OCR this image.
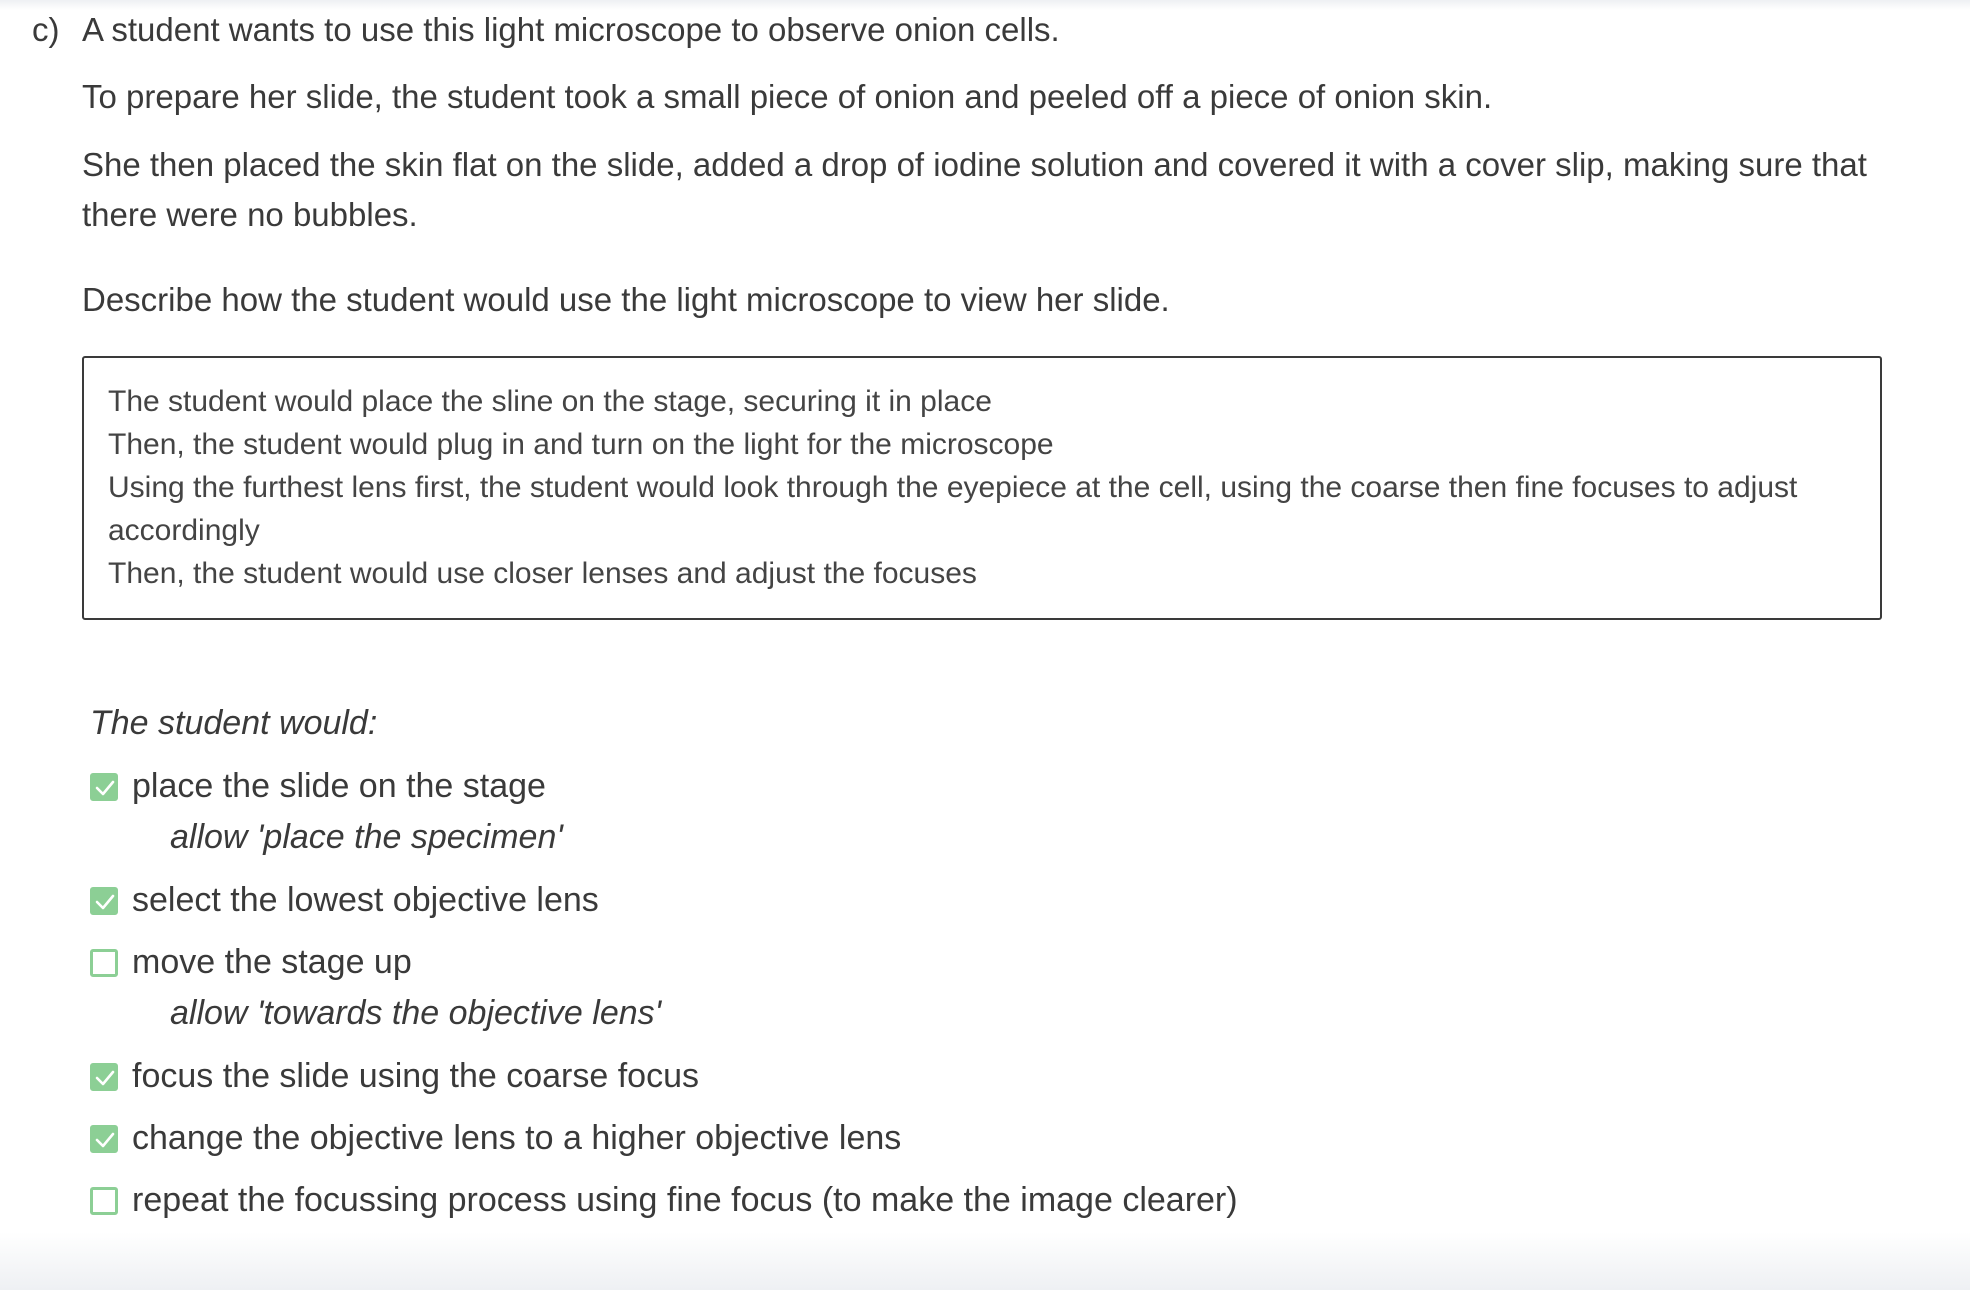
c) A student wants to use this light microscope to observe onion cells.
To prepare her slide, the student took a small piece of onion and peeled off a piece of onion skin.
She then placed the skin flat on the slide, added a drop of iodine solution and covered it with a cover slip, making sure that there were no bubbles.
Describe how the student would use the light microscope to view her slide.
The student would place the sline on the stage, securing it in place
Then, the student would plug in and turn on the light for the microscope
Using the furthest lens first, the student would look through the eyepiece at the cell, using the coarse then fine focuses to adjust accordingly
Then, the student would use closer lenses and adjust the focuses
The student would:
place the slide on the stage
allow 'place the specimen'
select the lowest objective lens
move the stage up
allow 'towards the objective lens'
focus the slide using the coarse focus
change the objective lens to a higher objective lens
repeat the focussing process using fine focus (to make the image clearer)
